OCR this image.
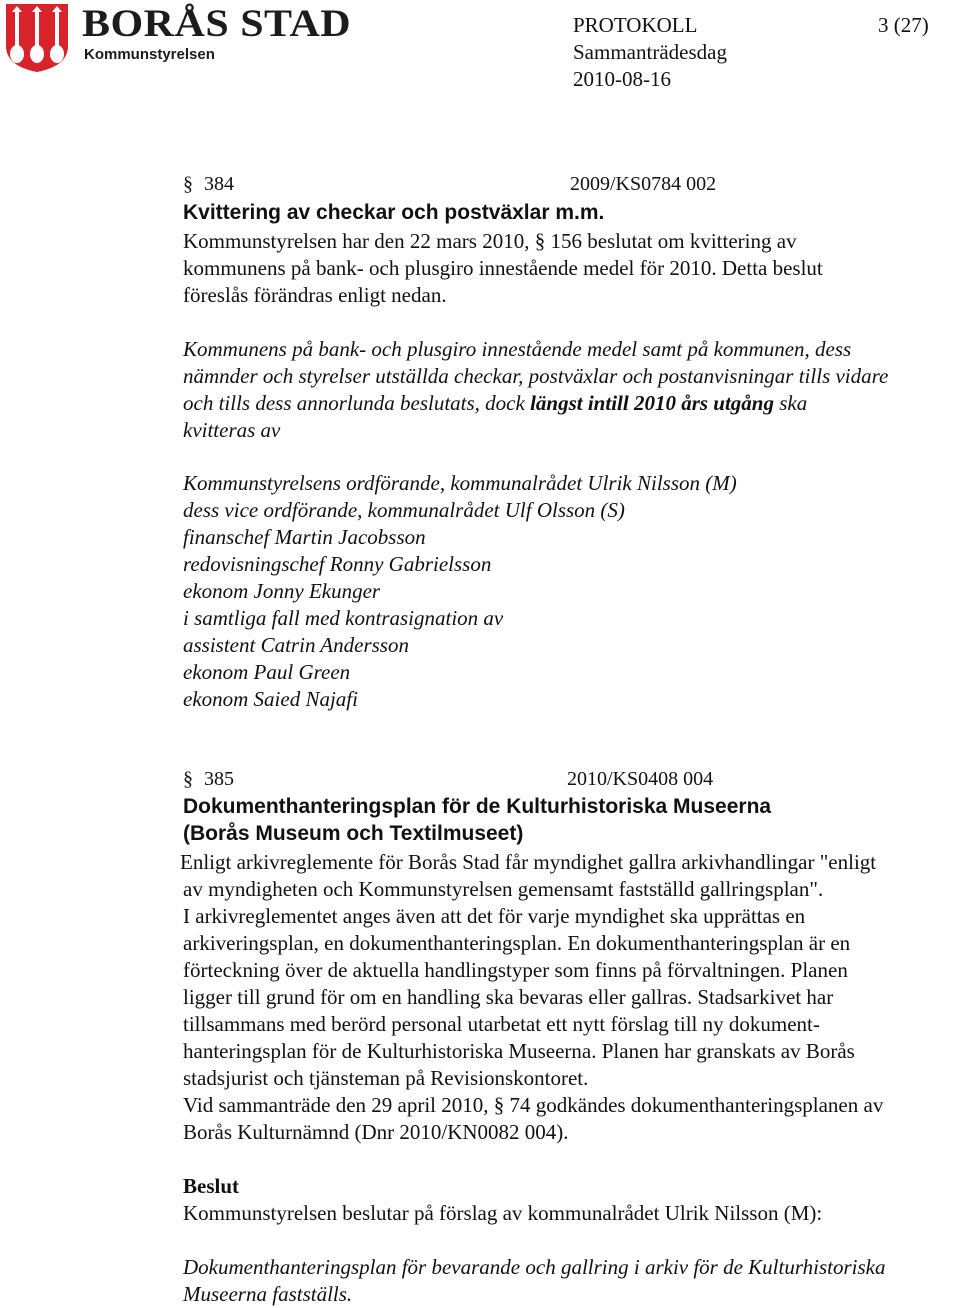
BORÅS STAD
Kommunstyrelsen
PROTOKOLL	3 (27)
Sammanträdesdag
2010-08-16
§ 384	2009/KS0784 002
Kvittering av checkar och postväxlar m.m.
Kommunstyrelsen har den 22 mars 2010, § 156 beslutat om kvittering av
kommunens på bank- och plusgiro innestående medel för 2010. Detta beslut
föreslås förändras enligt nedan.
Kommunens på bank- och plusgiro innestående medel samt på kommunen, dess
nämnder och styrelser utställda checkar, postväxlar och postanvisningar tills vidare
och tills dess annorlunda beslutats, dock längst intill 2010 års utgång ska
kvitteras av
Kommunstyrelsens ordförande, kommunalrådet Ulrik Nilsson (M)
dess vice ordförande, kommunalrådet Ulf Olsson (S)
finanschef Martin Jacobsson
redovisningschef Ronny Gabrielsson
ekonom Jonny Ekunger
i samtliga fall med kontrasignation av
assistent Catrin Andersson
ekonom Paul Green
ekonom Saied Najafi
§ 385	2010/KS0408 004
Dokumenthanteringsplan för de Kulturhistoriska Museerna
(Borås Museum och Textilmuseet)
Enligt arkivreglemente för Borås Stad får myndighet gallra arkivhandlingar "enligt
av myndigheten och Kommunstyrelsen gemensamt fastställd gallringsplan".
I arkivreglementet anges även att det för varje myndighet ska upprättas en
arkiveringsplan, en dokumenthanteringsplan. En dokumenthanteringsplan är en
förteckning över de aktuella handlingstyper som finns på förvaltningen. Planen
ligger till grund för om en handling ska bevaras eller gallras. Stadsarkivet har
tillsammans med berörd personal utarbetat ett nytt förslag till ny dokument-
hanteringsplan för de Kulturhistoriska Museerna. Planen har granskats av Borås
stadsjurist och tjänsteman på Revisionskontoret.
Vid sammanträde den 29 april 2010, § 74 godkändes dokumenthanteringsplanen av
Borås Kulturnämnd (Dnr 2010/KN0082 004).
Beslut
Kommunstyrelsen beslutar på förslag av kommunalrådet Ulrik Nilsson (M):
Dokumenthanteringsplan för bevarande och gallring i arkiv för de Kulturhistoriska
Museerna fastställs.
